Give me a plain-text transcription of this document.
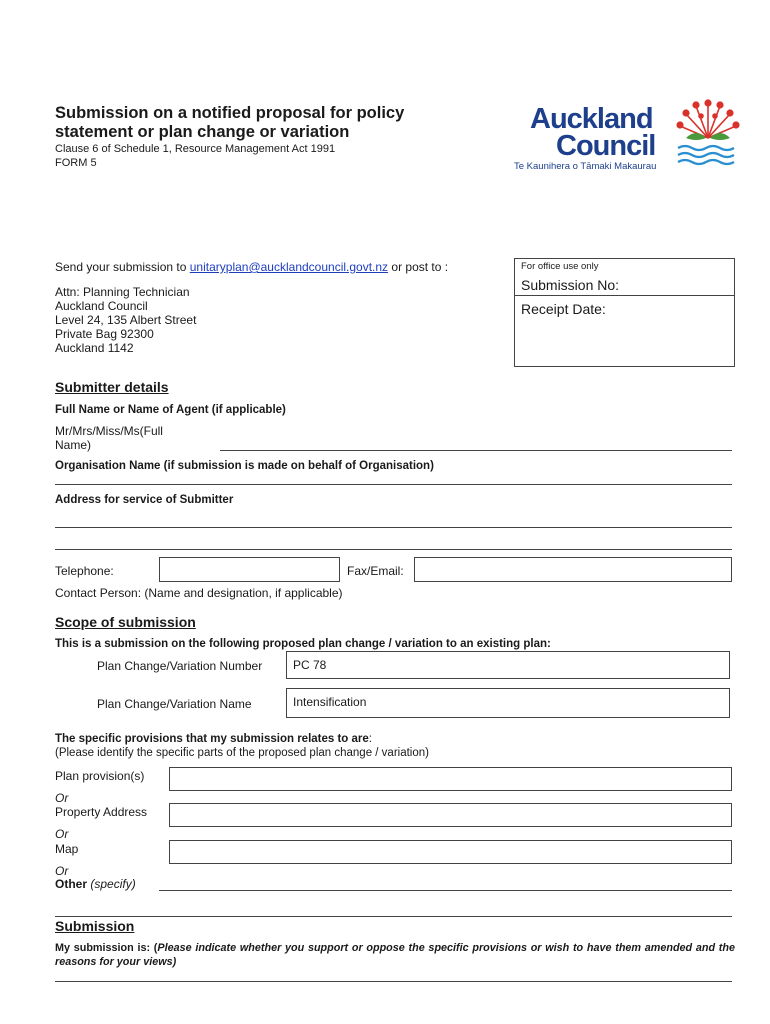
Submission on a notified proposal for policy
statement or plan change or variation
Clause 6 of Schedule 1, Resource Management Act 1991
FORM 5
Auckland
Council
Te Kaunihera o Tāmaki Makaurau
Send your submission to unitaryplan@aucklandcouncil.govt.nz or post to :
Attn: Planning Technician
Auckland Council
Level 24, 135 Albert Street
Private Bag 92300
Auckland 1142
For office use only
Submission No:
Receipt Date:
Submitter details
Full Name or Name of Agent (if applicable)
Mr/Mrs/Miss/Ms(Full
Name)
Organisation Name (if submission is made on behalf of Organisation)
Address for service of Submitter
Telephone:	Fax/Email:
Contact Person: (Name and designation, if applicable)
Scope of submission
This is a submission on the following proposed plan change / variation to an existing plan:
Plan Change/Variation Number	PC 78
Plan Change/Variation Name	Intensification
The specific provisions that my submission relates to are:
(Please identify the specific parts of the proposed plan change / variation)
Plan provision(s)
Or
Property Address
Or
Map
Or
Other (specify)
Submission
My submission is: (Please indicate whether you support or oppose the specific provisions or wish to have them amended and the reasons for your views)
